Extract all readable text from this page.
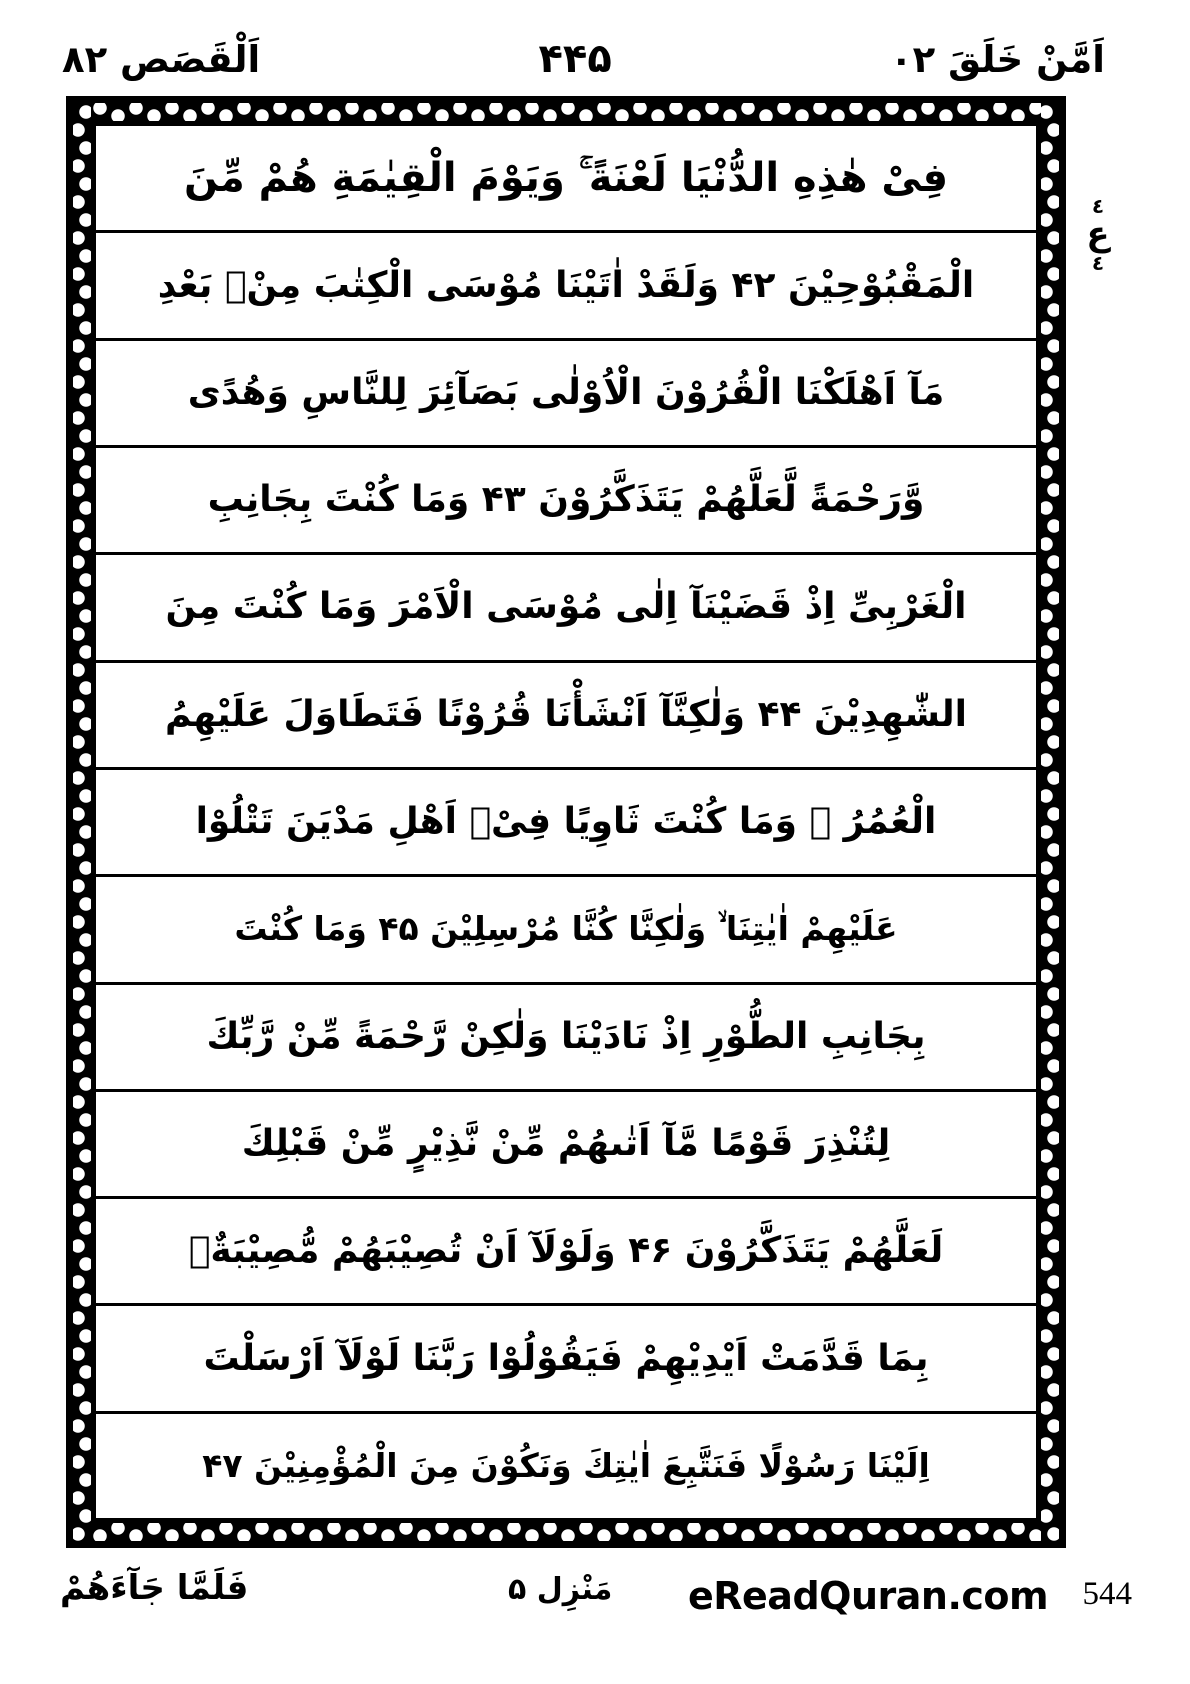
اَلْقَصَص ٢٨	۵۴۴	اَمَّنْ خَلَقَ ٢٠
٤
ع
٤
فِىْ هٰذِهِ الدُّنْيَا لَعْنَةً ۚ وَيَوْمَ الْقِيٰمَةِ هُمْ مِّنَ
الْمَقْبُوْحِيْنَ ۴۲ وَلَقَدْ اٰتَيْنَا مُوْسَى الْكِتٰبَ مِنْۢ بَعْدِ
مَآ اَهْلَكْنَا الْقُرُوْنَ الْاُوْلٰى بَصَآئِرَ لِلنَّاسِ وَهُدًى
وَّرَحْمَةً لَّعَلَّهُمْ يَتَذَكَّرُوْنَ ۴۳ وَمَا كُنْتَ بِجَانِبِ
الْغَرْبِىِّ اِذْ قَضَيْنَآ اِلٰى مُوْسَى الْاَمْرَ وَمَا كُنْتَ مِنَ
الشّٰهِدِيْنَ ۴۴ وَلٰكِنَّآ اَنْشَأْنَا قُرُوْنًا فَتَطَاوَلَ عَلَيْهِمُ
الْعُمُرُ ۚ وَمَا كُنْتَ ثَاوِيًا فِىْۤ اَهْلِ مَدْيَنَ تَتْلُوْا
عَلَيْهِمْ اٰيٰتِنَا ۙ وَلٰكِنَّا كُنَّا مُرْسِلِيْنَ ۴۵ وَمَا كُنْتَ
بِجَانِبِ الطُّوْرِ اِذْ نَادَيْنَا وَلٰكِنْ رَّحْمَةً مِّنْ رَّبِّكَ
لِتُنْذِرَ قَوْمًا مَّآ اَتٰىهُمْ مِّنْ نَّذِيْرٍ مِّنْ قَبْلِكَ
لَعَلَّهُمْ يَتَذَكَّرُوْنَ ۴۶ وَلَوْلَآ اَنْ تُصِيْبَهُمْ مُّصِيْبَةٌۢ
بِمَا قَدَّمَتْ اَيْدِيْهِمْ فَيَقُوْلُوْا رَبَّنَا لَوْلَآ اَرْسَلْتَ
اِلَيْنَا رَسُوْلًا فَنَتَّبِعَ اٰيٰتِكَ وَنَكُوْنَ مِنَ الْمُؤْمِنِيْنَ ۴۷
فَلَمَّا جَآءَهُمْ	مَنْزِل ۵ eReadQuran.com 544
